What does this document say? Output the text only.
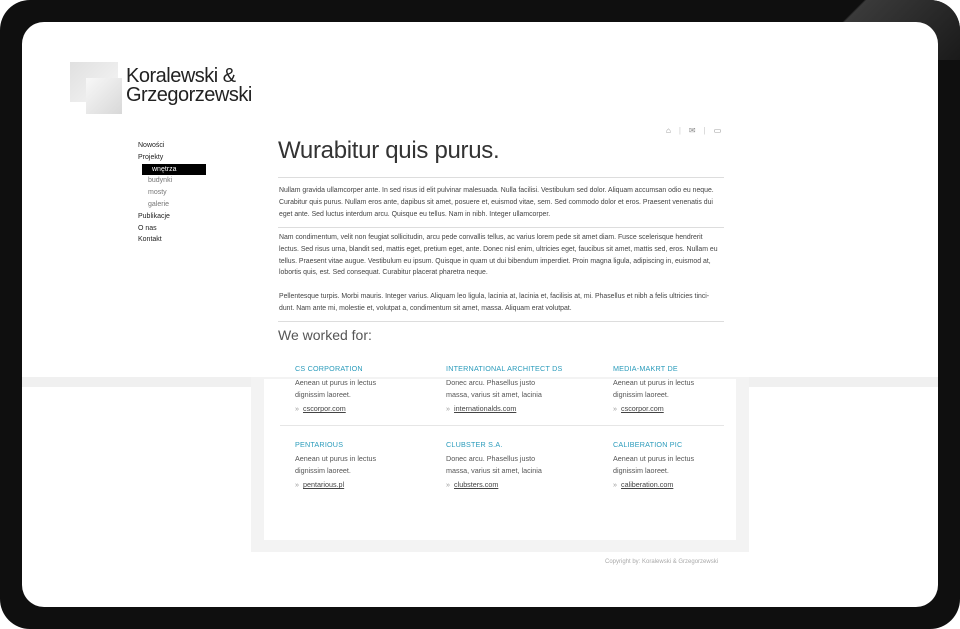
Koralewski &
Grzegorzewski
Nowości
Projekty
wnętrza
budynki
mosty
galerie
Publikacje
O nas
Kontakt
⌂ | ✉ | ▭
Wurabitur quis purus.
Nullam gravida ullamcorper ante. In sed risus id elit pulvinar malesuada. Nulla facilisi. Vestibulum sed dolor. Aliquam accumsan odio eu neque. Curabitur quis purus. Nullam eros ante, dapibus sit amet, posuere et, euismod vitae, sem. Sed commodo dolor et eros. Praesent venenatis dui eget ante. Sed luctus interdum arcu. Quisque eu tellus. Nam in nibh. Integer ullamcorper.
Nam condimentum, velit non feugiat sollicitudin, arcu pede convallis tellus, ac varius lorem pede sit amet diam. Fusce scelerisque hendrerit lectus. Sed risus urna, blandit sed, mattis eget, pretium eget, ante. Donec nisl enim, ultricies eget, faucibus sit amet, mattis sed, eros. Nullam eu tellus. Praesent vitae augue. Vestibulum eu ipsum. Quisque in quam ut dui bibendum imperdiet. Proin magna ligula, adipiscing in, euismod at, lobortis quis, est. Sed consequat. Curabitur placerat pharetra neque.
Pellentesque turpis. Morbi mauris. Integer varius. Aliquam leo ligula, lacinia at, lacinia et, facilisis at, mi. Phasellus et nibh a felis ultricies tinci-dunt. Nam ante mi, molestie et, volutpat a, condimentum sit amet, massa. Aliquam erat volutpat.
We worked for:
CS CORPORATION
Aenean ut purus in lectus dignissim laoreet.
» cscorpor.com
INTERNATIONAL ARCHITECT DS
Donec arcu. Phasellus justo massa, varius sit amet, lacinia
» internationalds.com
MEDIA-MAKRT DE
Aenean ut purus in lectus dignissim laoreet.
» cscorpor.com
PENTARIOUS
Aenean ut purus in lectus dignissim laoreet.
» pentarious.pl
CLUBSTER S.A.
Donec arcu. Phasellus justo massa, varius sit amet, lacinia
» clubsters.com
CALIBERATION PIC
Aenean ut purus in lectus dignissim laoreet.
» caliberation.com
Copyright by: Koralewski & Grzegorzewski
